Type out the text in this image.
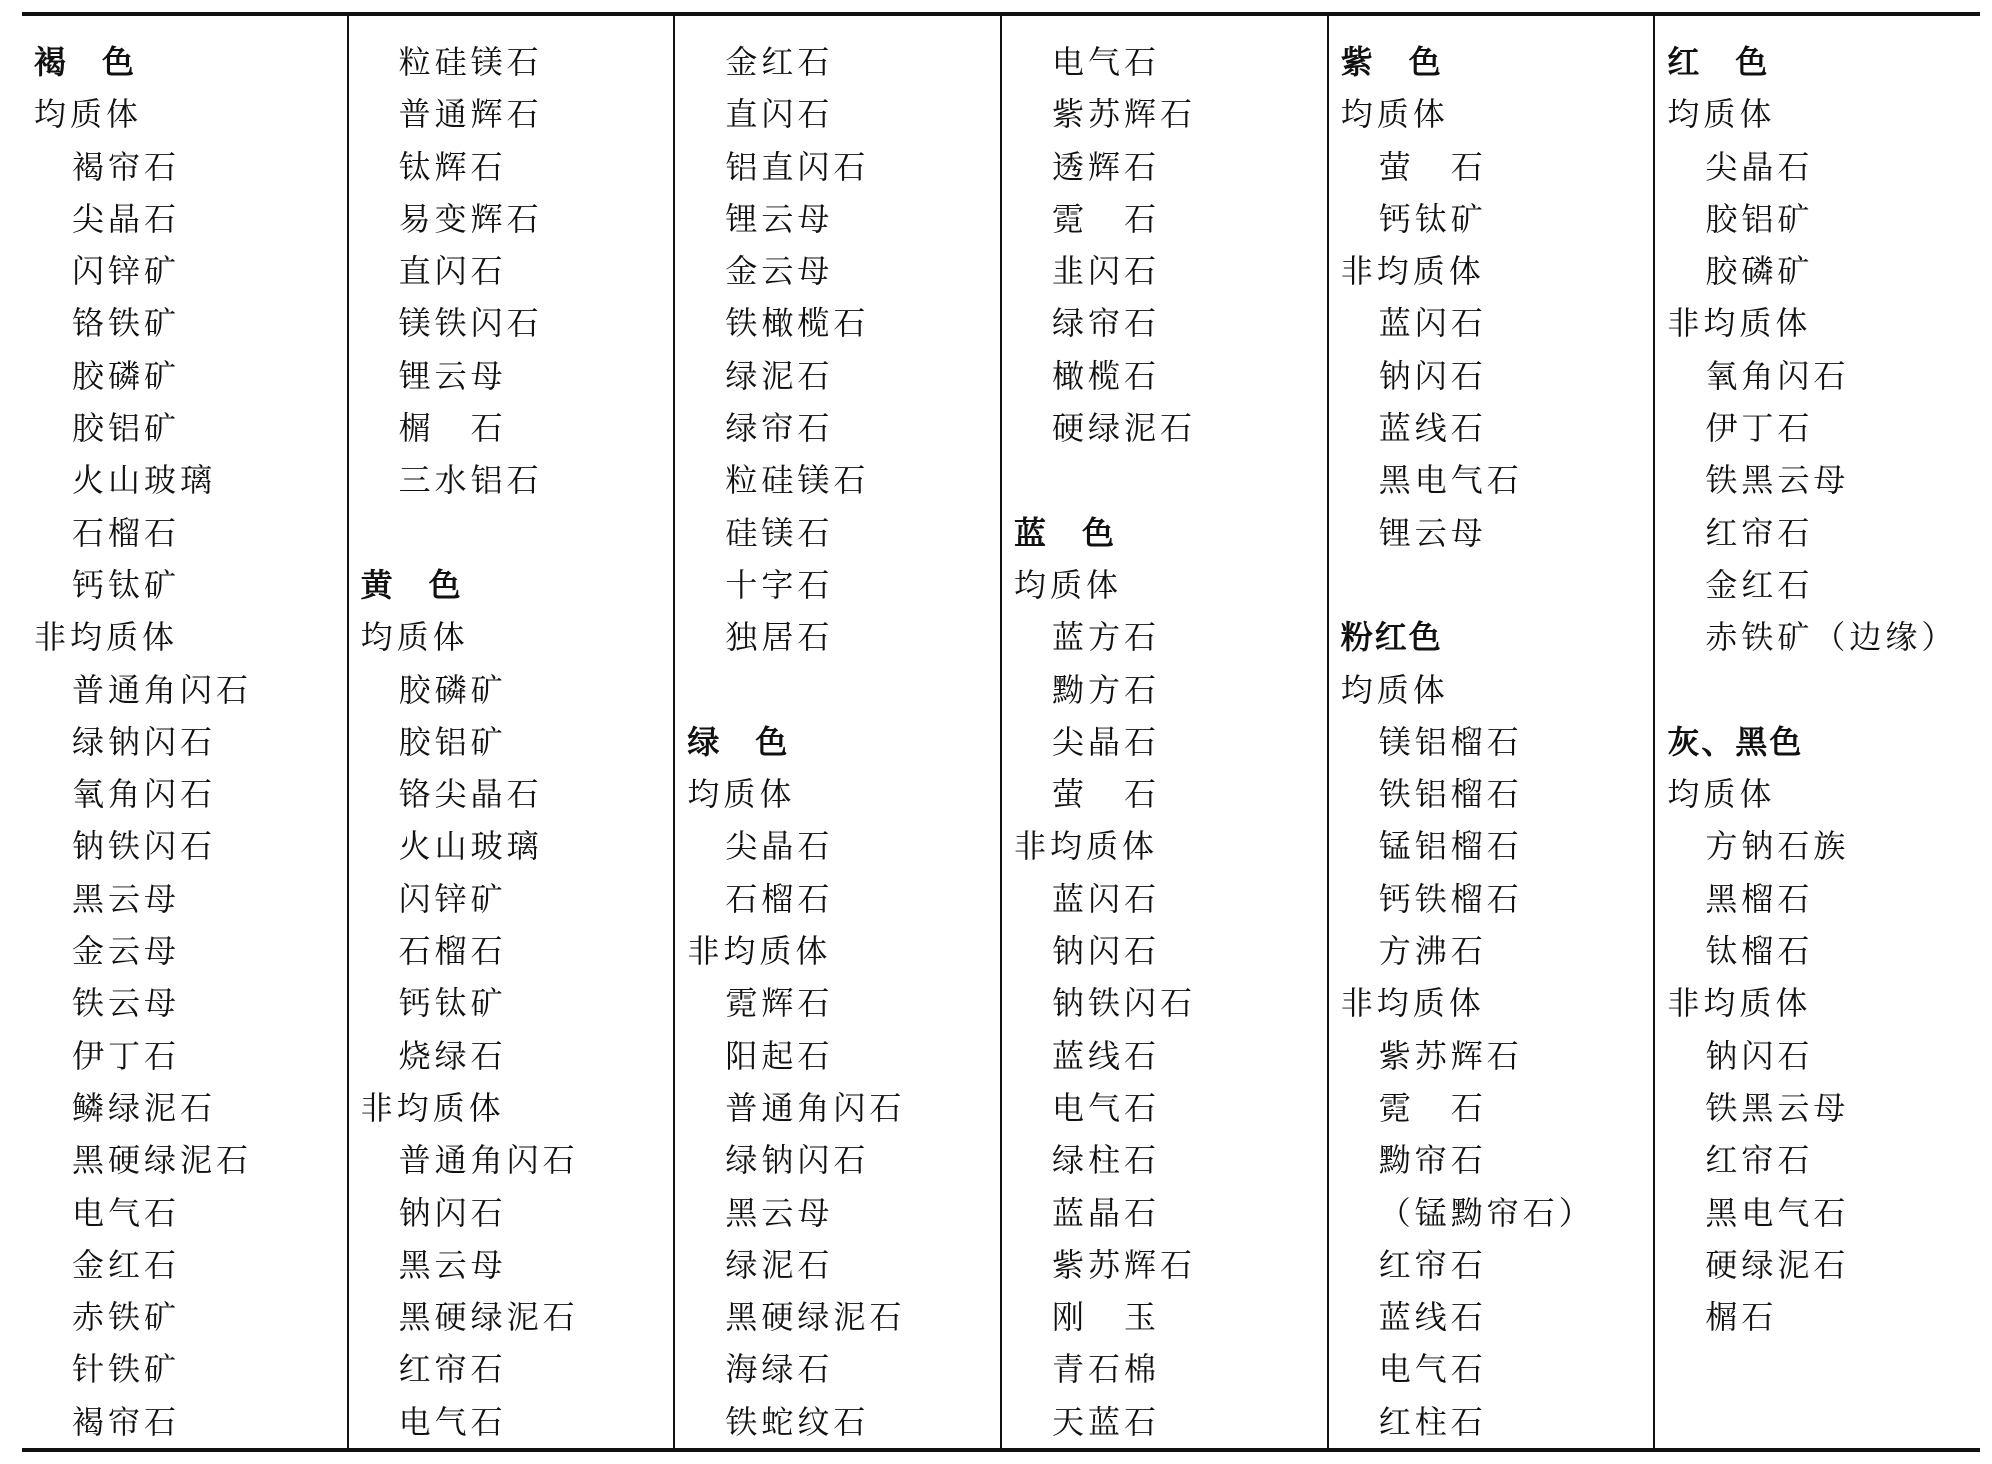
褐　色
均质体
褐帘石
尖晶石
闪锌矿
铬铁矿
胶磷矿
胶铝矿
火山玻璃
石榴石
钙钛矿
非均质体
普通角闪石
绿钠闪石
氧角闪石
钠铁闪石
黑云母
金云母
铁云母
伊丁石
鳞绿泥石
黑硬绿泥石
电气石
金红石
赤铁矿
针铁矿
褐帘石
粒硅镁石
普通辉石
钛辉石
易变辉石
直闪石
镁铁闪石
锂云母
榍　石
三水铝石
黄　色
均质体
胶磷矿
胶铝矿
铬尖晶石
火山玻璃
闪锌矿
石榴石
钙钛矿
烧绿石
非均质体
普通角闪石
钠闪石
黑云母
黑硬绿泥石
红帘石
电气石
金红石
直闪石
铝直闪石
锂云母
金云母
铁橄榄石
绿泥石
绿帘石
粒硅镁石
硅镁石
十字石
独居石
绿　色
均质体
尖晶石
石榴石
非均质体
霓辉石
阳起石
普通角闪石
绿钠闪石
黑云母
绿泥石
黑硬绿泥石
海绿石
铁蛇纹石
电气石
紫苏辉石
透辉石
霓　石
韭闪石
绿帘石
橄榄石
硬绿泥石
蓝　色
均质体
蓝方石
黝方石
尖晶石
萤　石
非均质体
蓝闪石
钠闪石
钠铁闪石
蓝线石
电气石
绿柱石
蓝晶石
紫苏辉石
刚　玉
青石棉
天蓝石
紫　色
均质体
萤　石
钙钛矿
非均质体
蓝闪石
钠闪石
蓝线石
黑电气石
锂云母
粉红色
均质体
镁铝榴石
铁铝榴石
锰铝榴石
钙铁榴石
方沸石
非均质体
紫苏辉石
霓　石
黝帘石
（锰黝帘石）
红帘石
蓝线石
电气石
红柱石
红　色
均质体
尖晶石
胶铝矿
胶磷矿
非均质体
氧角闪石
伊丁石
铁黑云母
红帘石
金红石
赤铁矿（边缘）
灰、黑色
均质体
方钠石族
黑榴石
钛榴石
非均质体
钠闪石
铁黑云母
红帘石
黑电气石
硬绿泥石
榍石
